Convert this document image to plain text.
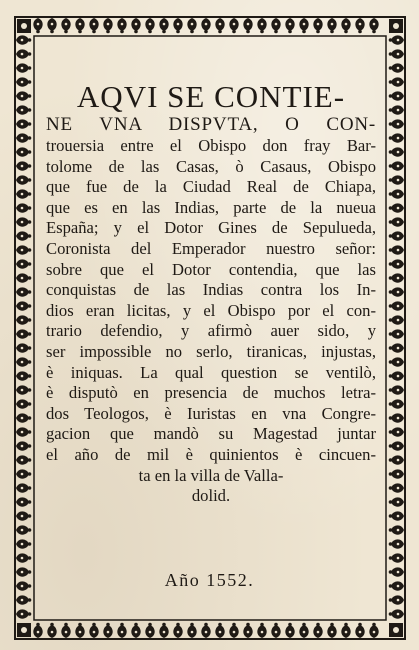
AQVI SE CONTIE-
NE VNA DISPVTA, O CON-
trouersia entre el Obispo don fray Bar-
tolome de las Casas, ò Casaus, Obispo
que fue de la Ciudad Real de Chiapa,
que es en las Indias, parte de la nueua
España; y el Dotor Gines de Sepulueda,
Coronista del Emperador nuestro señor:
sobre que el Dotor contendia, que las
conquistas de las Indias contra los In-
dios eran licitas, y el Obispo por el con-
trario defendio, y afirmò auer sido, y
ser impossible no serlo, tiranicas, injustas,
è iniquas. La qual question se ventilò,
è disputò en presencia de muchos letra-
dos Teologos, è Iuristas en vna Congre-
gacion que mandò su Magestad juntar
el año de mil è quinientos è cincuen-
ta en la villa de Valla-
dolid.
Año 1552.
